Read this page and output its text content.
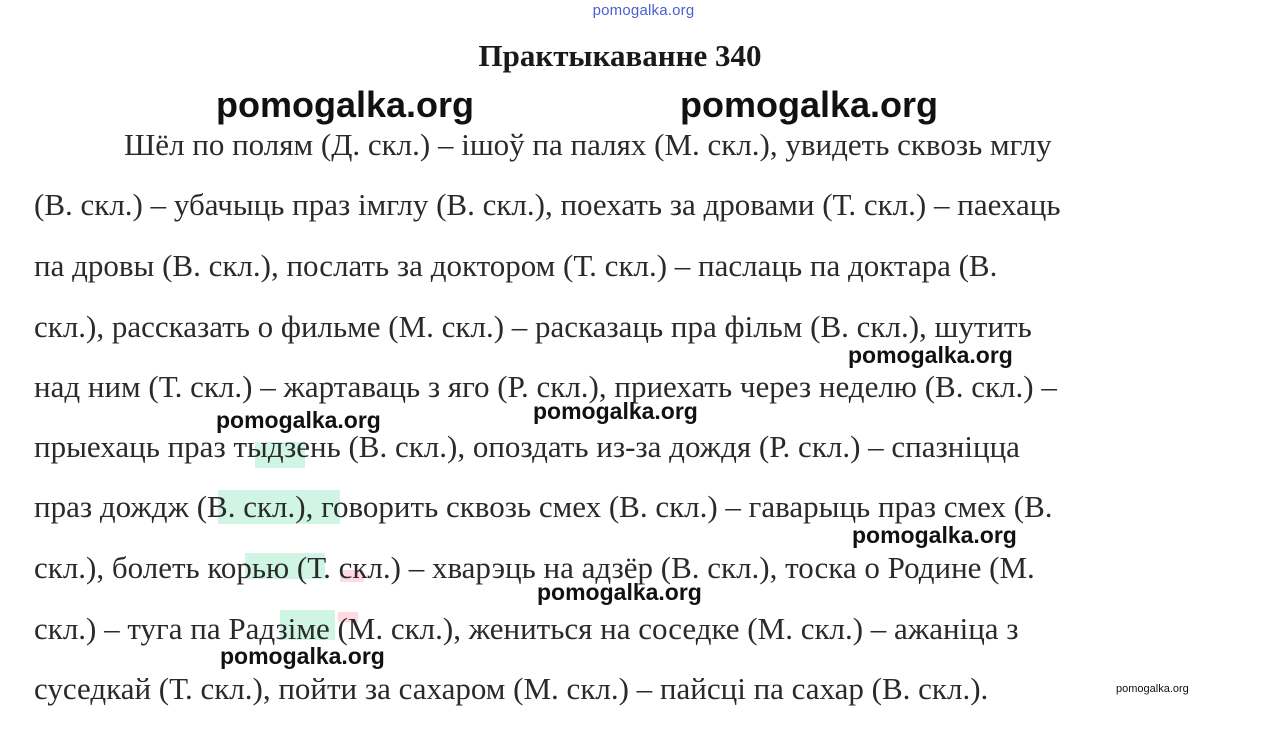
pomogalka.org
Практыкаванне 340
pomogalka.org	pomogalka.org
Шёл по полям (Д. скл.) – ішоў па палях (М. скл.), увидеть сквозь мглу
(В. скл.) – убачыць праз імглу (В. скл.), поехать за дровами (Т. скл.) – паехаць
па дровы (В. скл.), послать за доктором (Т. скл.) – паслаць па доктара (В.
скл.), рассказать о фильме (М. скл.) – расказаць пра фільм (В. скл.), шутить
над ним (Т. скл.) – жартаваць з яго (Р. скл.), приехать через неделю (В. скл.) –
прыехаць праз тыдзень (В. скл.), опоздать из-за дождя (Р. скл.) – спазніцца
праз дождж (В. скл.), говорить сквозь смех (В. скл.) – гаварыць праз смех (В.
скл.), болеть корью (Т. скл.) – хварэць на адзёр (В. скл.), тоска о Родине (М.
скл.) – туга па Радзіме (М. скл.), жениться на соседке (М. скл.) – ажаніца з
суседкай (Т. скл.), пойти за сахаром (М. скл.) – пайсці па сахар (В. скл.).
pomogalka.org
pomogalka.org	pomogalka.org
pomogalka.org
pomogalka.org
pomogalka.org
pomogalka.org
